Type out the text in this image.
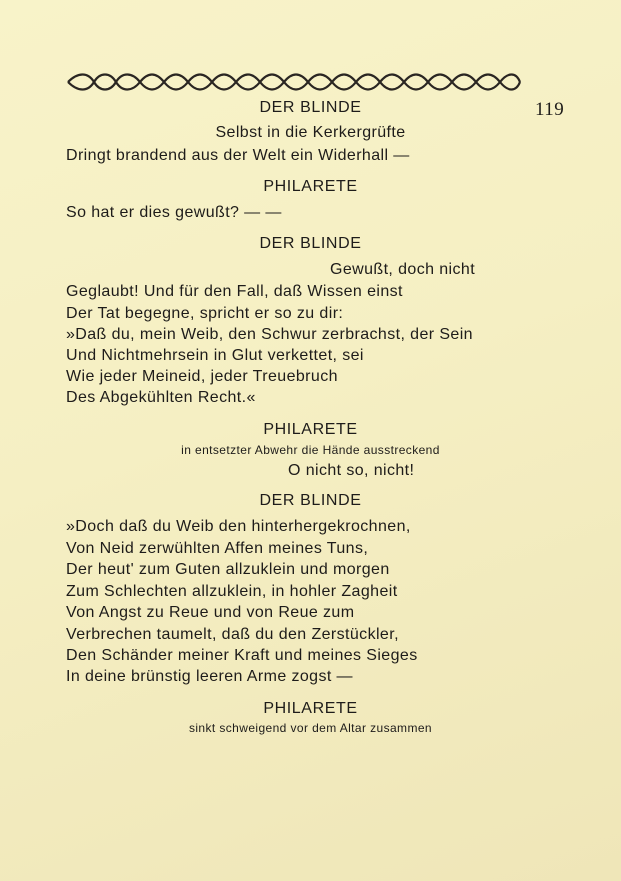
119
DER BLINDE
Selbst in die Kerkergrüfte
Dringt brandend aus der Welt ein Widerhall —
PHILARETE
So hat er dies gewußt? — —
DER BLINDE
Gewußt, doch nicht
Geglaubt! Und für den Fall, daß Wissen einst
Der Tat begegne, spricht er so zu dir:
»Daß du, mein Weib, den Schwur zerbrachst, der Sein
Und Nichtmehrsein in Glut verkettet, sei
Wie jeder Meineid, jeder Treuebruch
Des Abgekühlten Recht.«
PHILARETE
in entsetzter Abwehr die Hände ausstreckend
O nicht so, nicht!
DER BLINDE
»Doch daß du Weib den hinterhergekrochnen,
Von Neid zerwühlten Affen meines Tuns,
Der heut' zum Guten allzuklein und morgen
Zum Schlechten allzuklein, in hohler Zagheit
Von Angst zu Reue und von Reue zum
Verbrechen taumelt, daß du den Zerstückler,
Den Schänder meiner Kraft und meines Sieges
In deine brünstig leeren Arme zogst —
PHILARETE
sinkt schweigend vor dem Altar zusammen
